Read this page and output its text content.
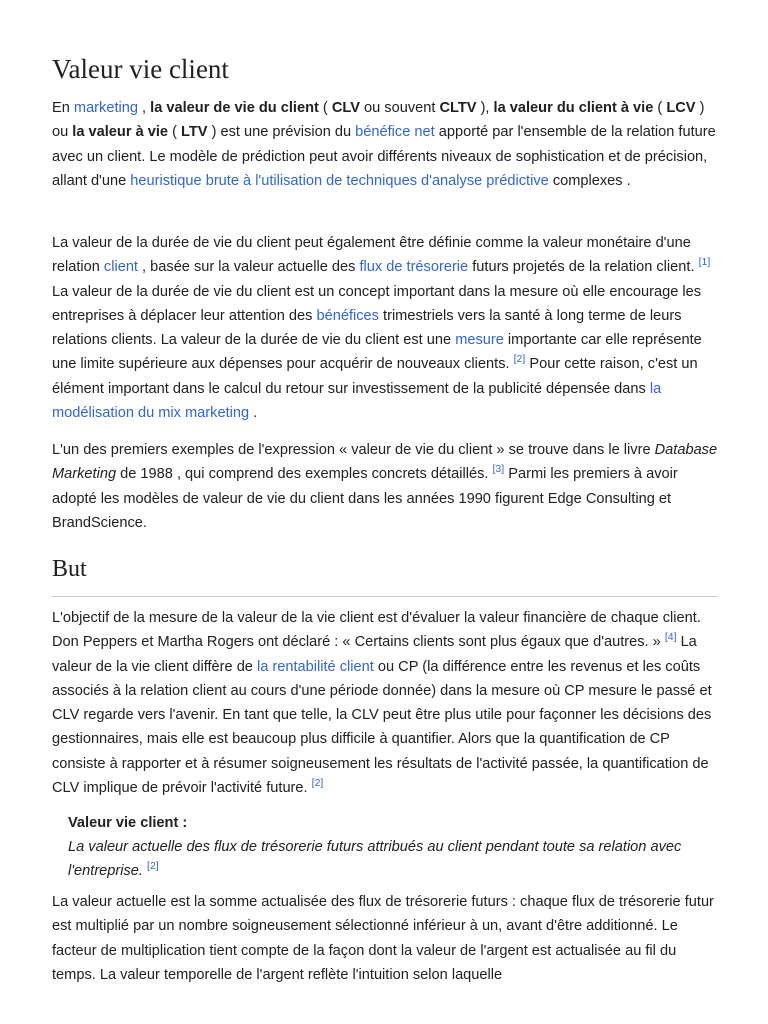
Valeur vie client

En marketing , la valeur de vie du client ( CLV ou souvent CLTV ), la valeur du client à vie ( LCV ) ou la valeur à vie ( LTV ) est une prévision du bénéfice net apporté par l'ensemble de la relation future avec un client. Le modèle de prédiction peut avoir différents niveaux de sophistication et de précision, allant d'une heuristique brute à l'utilisation de techniques d'analyse prédictive complexes .

La valeur de la durée de vie du client peut également être définie comme la valeur monétaire d'une relation client , basée sur la valeur actuelle des flux de trésorerie futurs projetés de la relation client. [1] La valeur de la durée de vie du client est un concept important dans la mesure où elle encourage les entreprises à déplacer leur attention des bénéfices trimestriels vers la santé à long terme de leurs relations clients. La valeur de la durée de vie du client est une mesure importante car elle représente une limite supérieure aux dépenses pour acquérir de nouveaux clients. [2] Pour cette raison, c'est un élément important dans le calcul du retour sur investissement de la publicité dépensée dans la modélisation du mix marketing .

L'un des premiers exemples de l'expression « valeur de vie du client » se trouve dans le livre Database Marketing de 1988 , qui comprend des exemples concrets détaillés. [3] Parmi les premiers à avoir adopté les modèles de valeur de vie du client dans les années 1990 figurent Edge Consulting et BrandScience.

But

L'objectif de la mesure de la valeur de la vie client est d'évaluer la valeur financière de chaque client. Don Peppers et Martha Rogers ont déclaré : « Certains clients sont plus égaux que d'autres. » [4] La valeur de la vie client diffère de la rentabilité client ou CP (la différence entre les revenus et les coûts associés à la relation client au cours d'une période donnée) dans la mesure où CP mesure le passé et CLV regarde vers l'avenir. En tant que telle, la CLV peut être plus utile pour façonner les décisions des gestionnaires, mais elle est beaucoup plus difficile à quantifier. Alors que la quantification de CP consiste à rapporter et à résumer soigneusement les résultats de l'activité passée, la quantification de CLV implique de prévoir l'activité future. [2]

Valeur vie client :
La valeur actuelle des flux de trésorerie futurs attribués au client pendant toute sa relation avec l'entreprise. [2]

La valeur actuelle est la somme actualisée des flux de trésorerie futurs : chaque flux de trésorerie futur est multiplié par un nombre soigneusement sélectionné inférieur à un, avant d'être additionné. Le facteur de multiplication tient compte de la façon dont la valeur de l'argent est actualisée au fil du temps. La valeur temporelle de l'argent reflète l'intuition selon laquelle
